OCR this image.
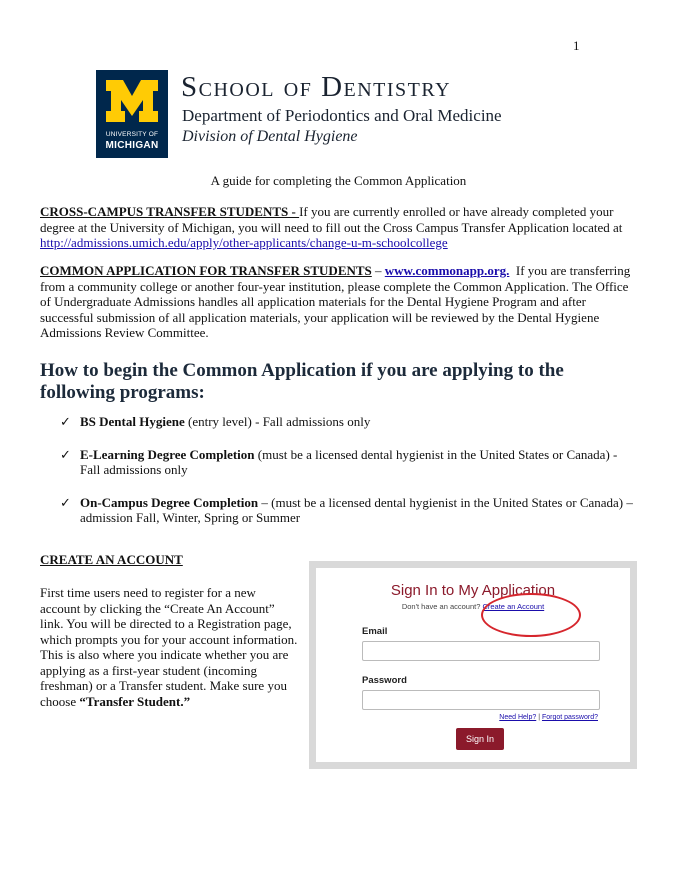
1
UNIVERSITY OF
MICHIGAN
School of Dentistry
Department of Periodontics and Oral Medicine
Division of Dental Hygiene
A guide for completing the Common Application

CROSS-CAMPUS TRANSFER STUDENTS - If you are currently enrolled or have already completed your degree at the University of Michigan, you will need to fill out the Cross Campus Transfer Application located at
http://admissions.umich.edu/apply/other-applicants/change-u-m-schoolcollege

COMMON APPLICATION FOR TRANSFER STUDENTS – www.commonapp.org. If you are transferring from a community college or another four-year institution, please complete the Common Application. The Office of Undergraduate Admissions handles all application materials for the Dental Hygiene Program and after successful submission of all application materials, your application will be reviewed by the Dental Hygiene Admissions Review Committee.

How to begin the Common Application if you are applying to the following programs:
✓ BS Dental Hygiene (entry level) - Fall admissions only
✓ E-Learning Degree Completion (must be a licensed dental hygienist in the United States or Canada) - Fall admissions only
✓ On-Campus Degree Completion – (must be a licensed dental hygienist in the United States or Canada) – admission Fall, Winter, Spring or Summer
CREATE AN ACCOUNT

First time users need to register for a new account by clicking the “Create An Account” link. You will be directed to a Registration page, which prompts you for your account information. This is also where you indicate whether you are applying as a first-year student (incoming freshman) or a Transfer student. Make sure you choose “Transfer Student.”

Sign In to My Application
Don't have an account? Create an Account
Email
Password
Need Help? | Forgot password?
Sign In
